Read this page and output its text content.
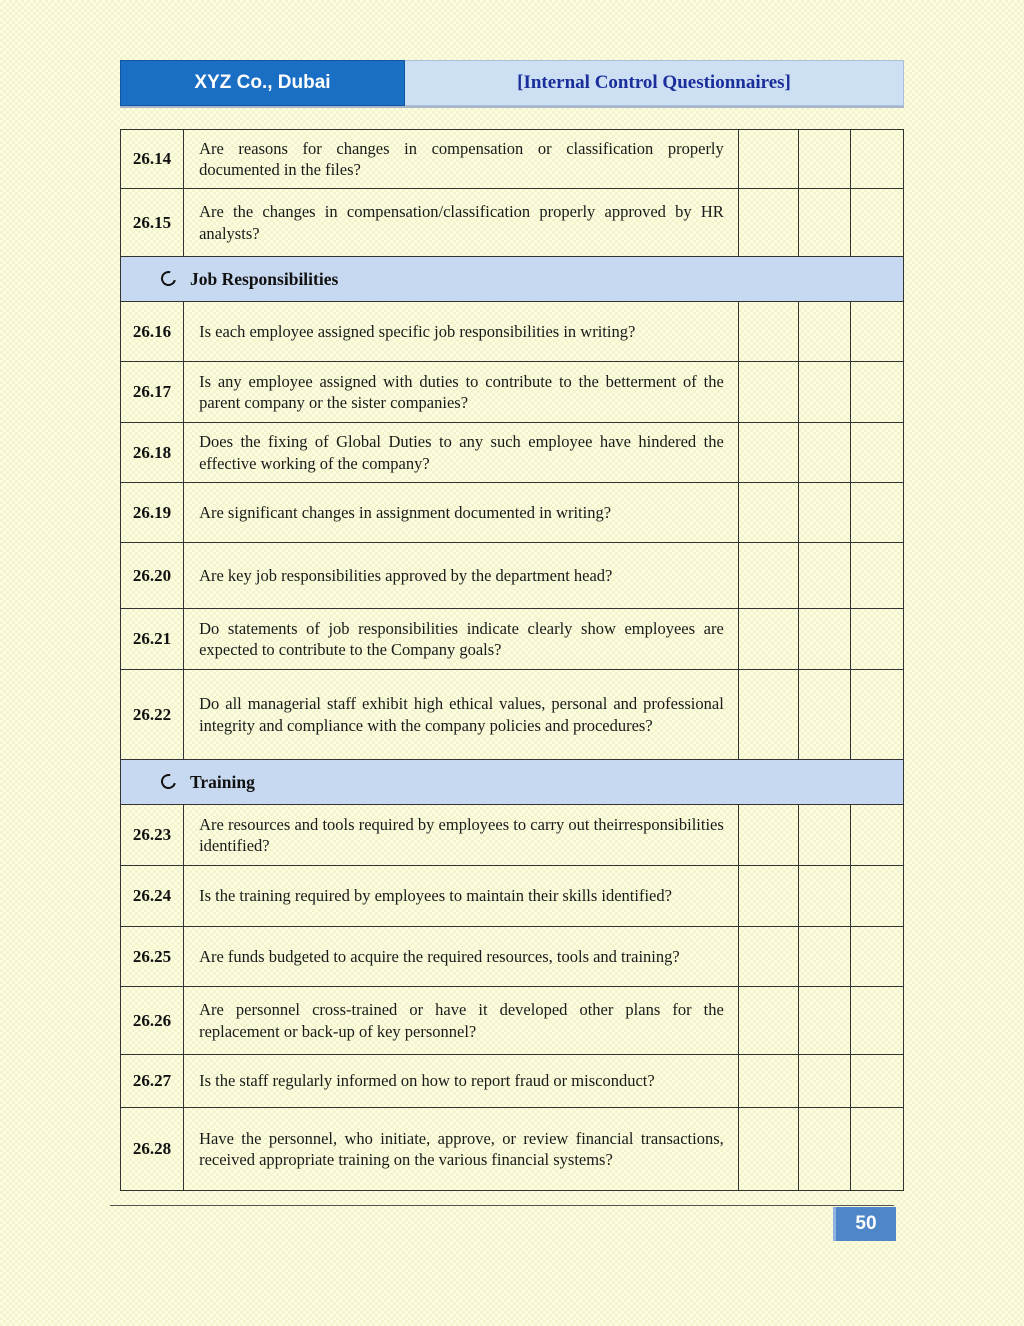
XYZ Co., Dubai	[Internal Control Questionnaires]
26.14	Are reasons for changes in compensation or classification properly documented in the files?			
26.15	Are the changes in compensation/classification properly approved by HR analysts?			
Job Responsibilities				
26.16	Is each employee assigned specific job responsibilities in writing?			
26.17	Is any employee assigned with duties to contribute to the betterment of the parent company or the sister companies?			
26.18	Does the fixing of Global Duties to any such employee have hindered the effective working of the company?			
26.19	Are significant changes in assignment documented in writing?			
26.20	Are key job responsibilities approved by the department head?			
26.21	Do statements of job responsibilities indicate clearly show employees are expected to contribute to the Company goals?			
26.22	Do all managerial staff exhibit high ethical values, personal and professional integrity and compliance with the company policies and procedures?			
Training				
26.23	Are resources and tools required by employees to carry out theirresponsibilities identified?			
26.24	Is the training required by employees to maintain their skills identified?			
26.25	Are funds budgeted to acquire the required resources, tools and training?			
26.26	Are personnel cross-trained or have it developed other plans for the replacement or back-up of key personnel?			
26.27	Is the staff regularly informed on how to report fraud or misconduct?			
26.28	Have the personnel, who initiate, approve, or review financial transactions, received appropriate training on the various financial systems?			
50
